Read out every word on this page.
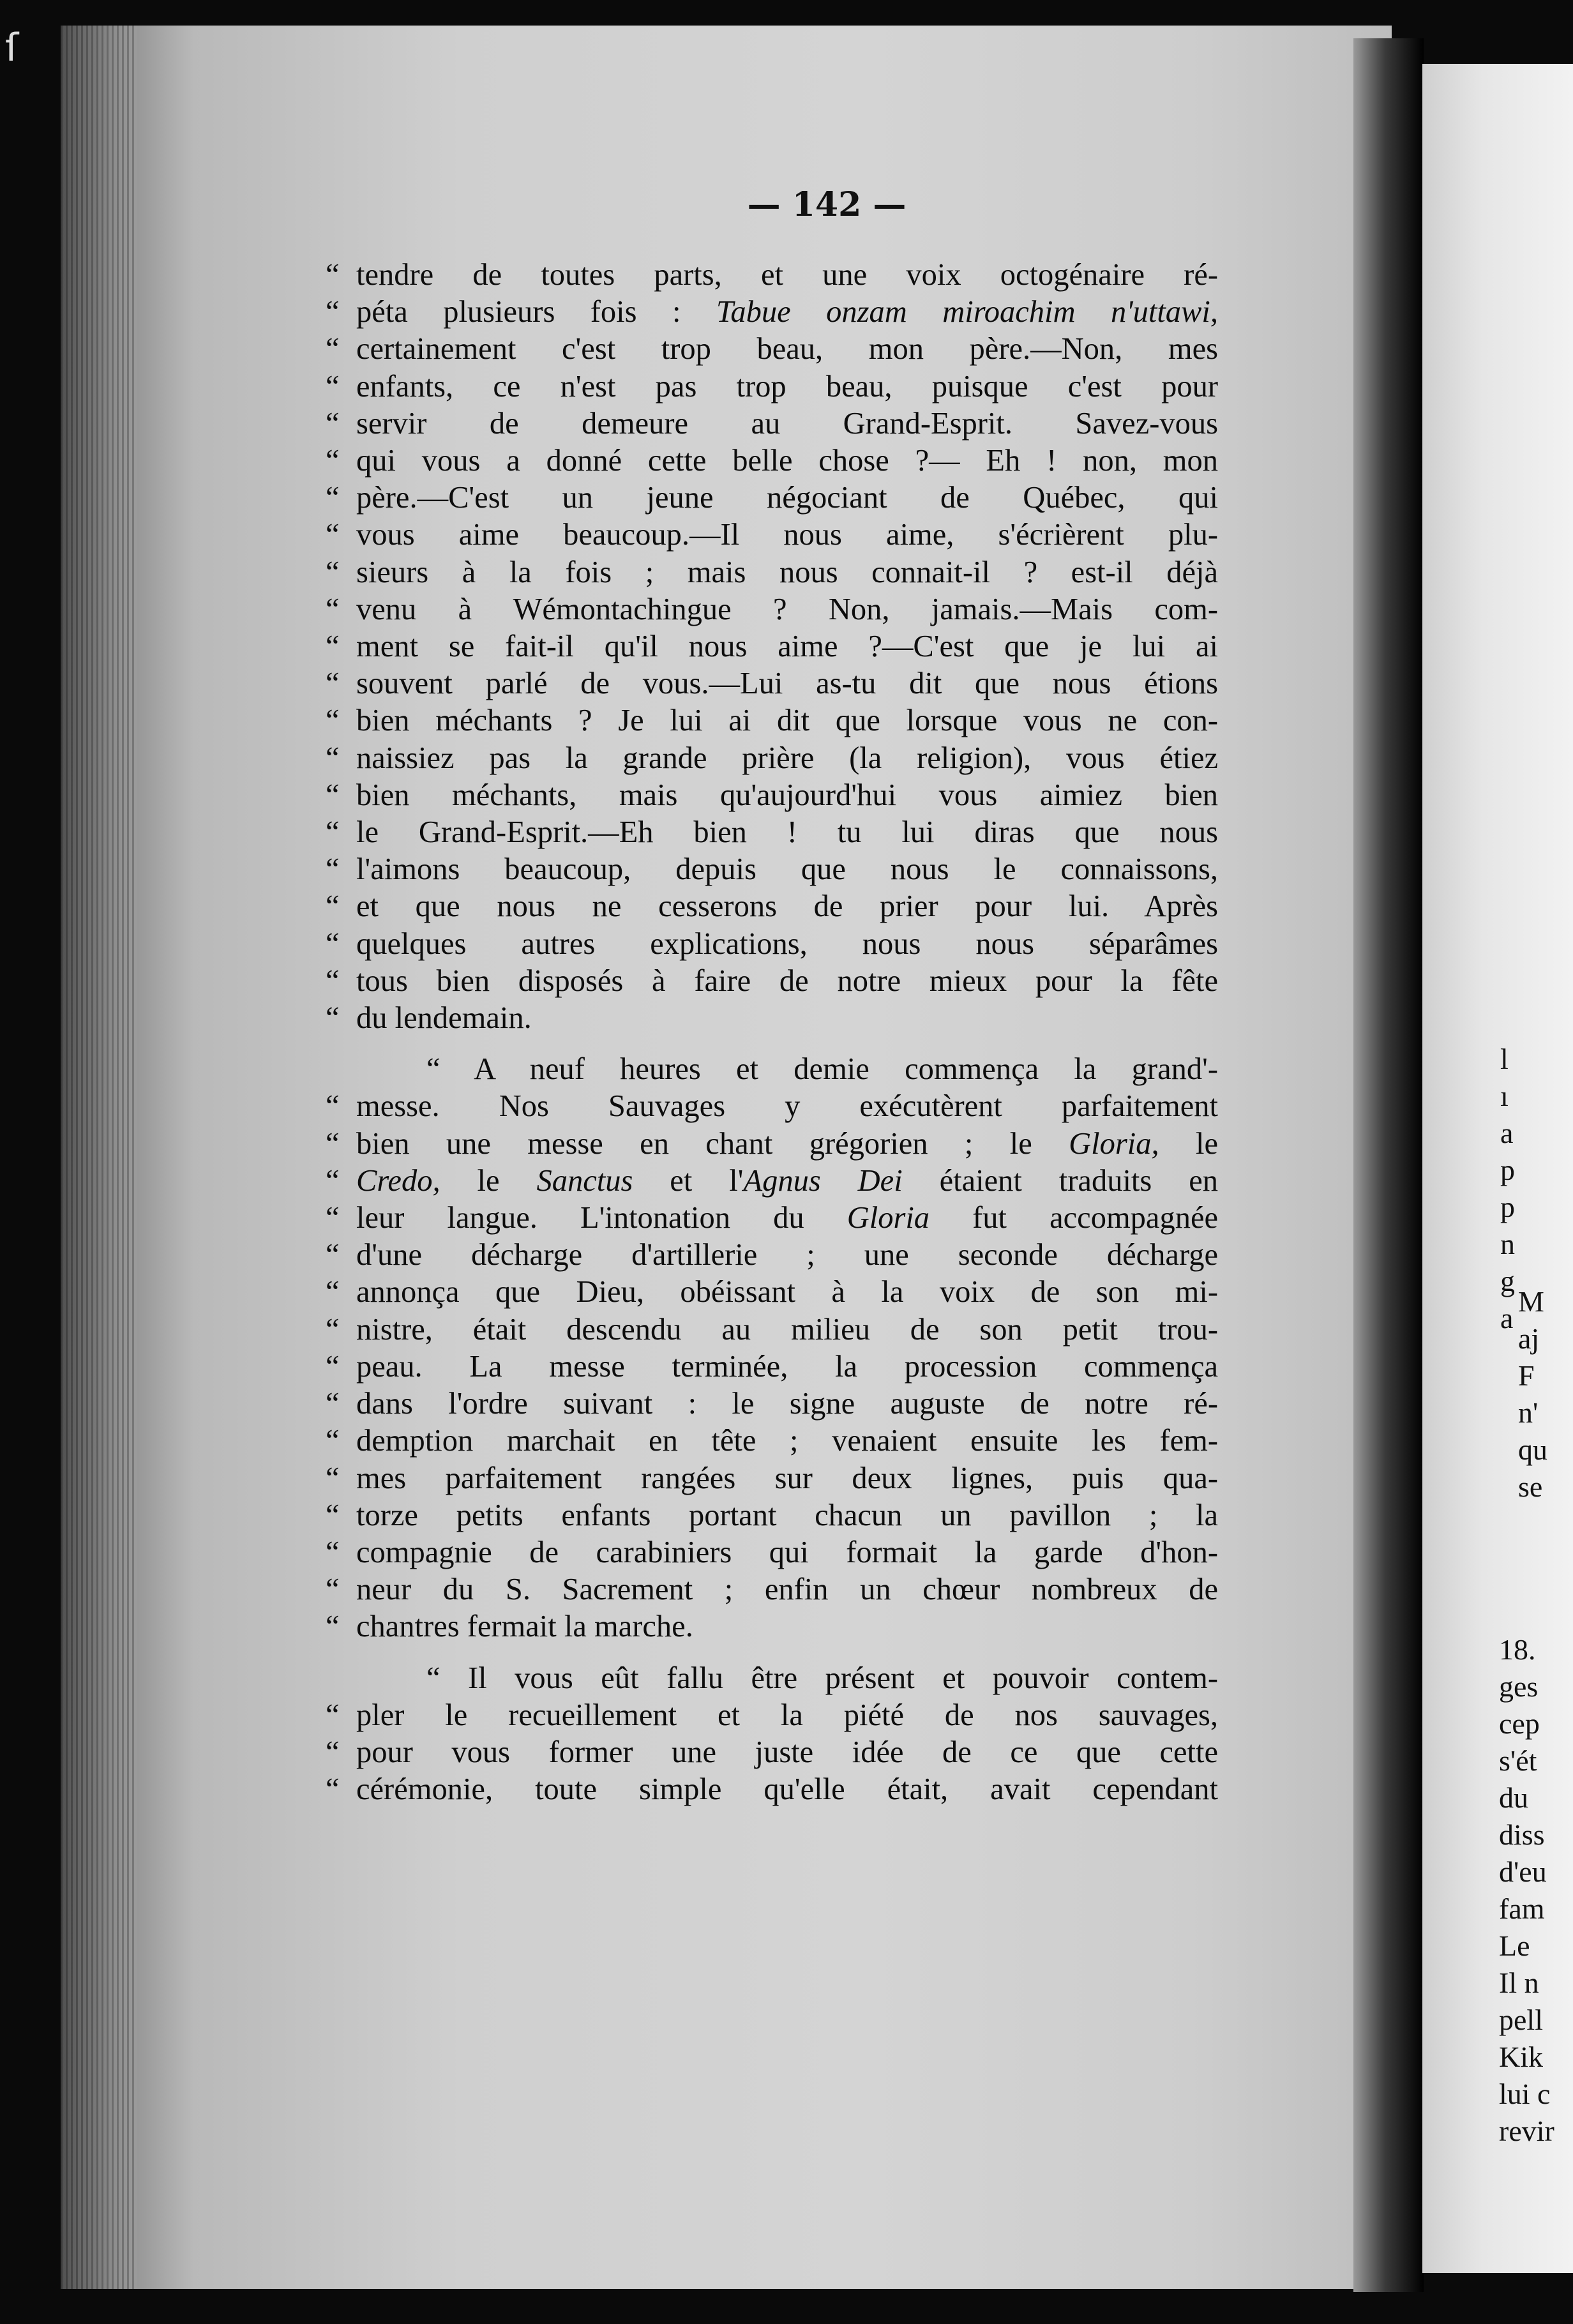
ſ
— 142 —
“ tendre de toutes parts, et une voix octogénaire ré-
“ péta plusieurs fois : Tabue onzam miroachim n'uttawi,
“ certainement c'est trop beau, mon père.—Non, mes
“ enfants, ce n'est pas trop beau, puisque c'est pour
“ servir de demeure au Grand-Esprit. Savez-vous
“ qui vous a donné cette belle chose ?— Eh ! non, mon
“ père.—C'est un jeune négociant de Québec, qui
“ vous aime beaucoup.—Il nous aime, s'écrièrent plu-
“ sieurs à la fois ; mais nous connait-il ? est-il déjà
“ venu à Wémontachingue ? Non, jamais.—Mais com-
“ ment se fait-il qu'il nous aime ?—C'est que je lui ai
“ souvent parlé de vous.—Lui as-tu dit que nous étions
“ bien méchants ? Je lui ai dit que lorsque vous ne con-
“ naissiez pas la grande prière (la religion), vous étiez
“ bien méchants, mais qu'aujourd'hui vous aimiez bien
“ le Grand-Esprit.—Eh bien ! tu lui diras que nous
“ l'aimons beaucoup, depuis que nous le connaissons,
“ et que nous ne cesserons de prier pour lui. Après
“ quelques autres explications, nous nous séparâmes
“ tous bien disposés à faire de notre mieux pour la fête
“ du lendemain.
“ A neuf heures et demie commença la grand'-
“ messe. Nos Sauvages y exécutèrent parfaitement
“ bien une messe en chant grégorien ; le Gloria, le
“ Credo, le Sanctus et l'Agnus Dei étaient traduits en
“ leur langue. L'intonation du Gloria fut accompagnée
“ d'une décharge d'artillerie ; une seconde décharge
“ annonça que Dieu, obéissant à la voix de son mi-
“ nistre, était descendu au milieu de son petit trou-
“ peau. La messe terminée, la procession commença
“ dans l'ordre suivant : le signe auguste de notre ré-
“ demption marchait en tête ; venaient ensuite les fem-
“ mes parfaitement rangées sur deux lignes, puis qua-
“ torze petits enfants portant chacun un pavillon ; la
“ compagnie de carabiniers qui formait la garde d'hon-
“ neur du S. Sacrement ; enfin un chœur nombreux de
“ chantres fermait la marche.
“ Il vous eût fallu être présent et pouvoir contem-
“ pler le recueillement et la piété de nos sauvages,
“ pour vous former une juste idée de ce que cette
“ cérémonie, toute simple qu'elle était, avait cependant
l
ı
a
p
p
n
g
a
M
aj
F
n'
qu
se
18.
ges
cep
s'ét
du
diss
d'eu
fam
Le
Il n
pell
Kik
lui c
revir
